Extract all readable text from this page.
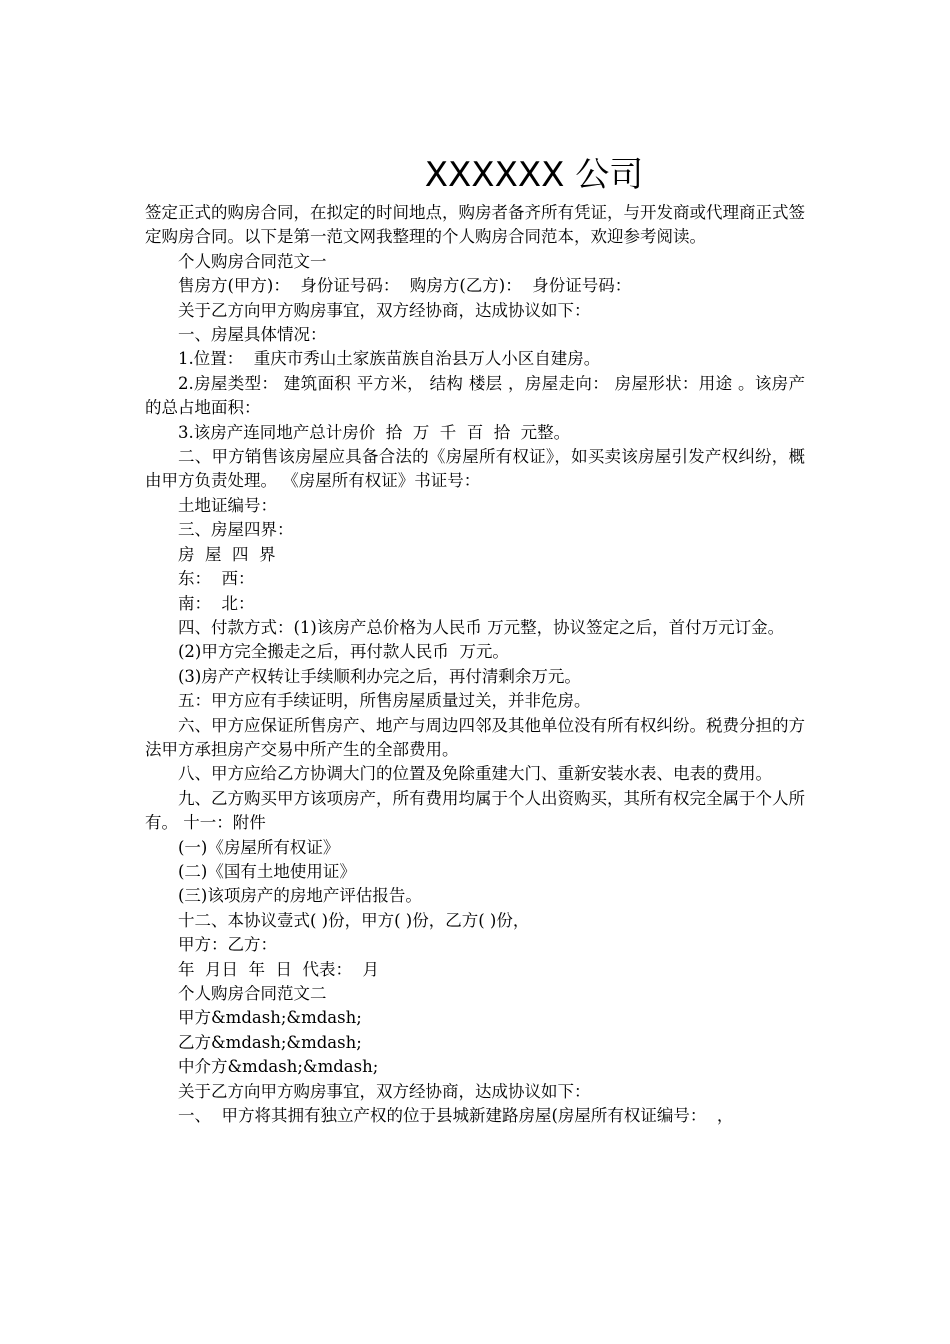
XXXXXX 公司

签定正式的购房合同，在拟定的时间地点，购房者备齐所有凭证，与开发商或代理商正式签定购房合同。以下是第一范文网我整理的个人购房合同范本，欢迎参考阅读。

个人购房合同范文一

售房方(甲方)：  身份证号码：  购房方(乙方)：  身份证号码：

关于乙方向甲方购房事宜，双方经协商，达成协议如下：

一、房屋具体情况：

1.位置：  重庆市秀山土家族苗族自治县万人小区自建房。

2.房屋类型： 建筑面积 平方米， 结构 楼层 ，房屋走向： 房屋形状：用途 。该房产的总占地面积：

3.该房产连同地产总计房价  拾  万  千  百  拾  元整。

二、甲方销售该房屋应具备合法的《房屋所有权证》，如买卖该房屋引发产权纠纷，概由甲方负责处理。 《房屋所有权证》书证号：

土地证编号：

三、房屋四界：

房  屋  四  界

东：  西：

南：  北：

四、付款方式：(1)该房产总价格为人民币 万元整，协议签定之后，首付万元订金。

(2)甲方完全搬走之后，再付款人民币  万元。

(3)房产产权转让手续顺利办完之后，再付清剩余万元。

五：甲方应有手续证明，所售房屋质量过关，并非危房。

六、甲方应保证所售房产、地产与周边四邻及其他单位没有所有权纠纷。税费分担的方法甲方承担房产交易中所产生的全部费用。

八、甲方应给乙方协调大门的位置及免除重建大门、重新安装水表、电表的费用。

九、乙方购买甲方该项房产，所有费用均属于个人出资购买，其所有权完全属于个人所有。 十一：附件

(一)《房屋所有权证》

(二)《国有土地使用证》

(三)该项房产的房地产评估报告。

十二、本协议壹式( )份，甲方( )份，乙方( )份，

甲方：乙方：

年  月日  年  日  代表：  月

个人购房合同范文二

甲方&mdash;&mdash;

乙方&mdash;&mdash;

中介方&mdash;&mdash;

关于乙方向甲方购房事宜，双方经协商，达成协议如下：

一、  甲方将其拥有独立产权的位于县城新建路房屋(房屋所有权证编号：  ，
